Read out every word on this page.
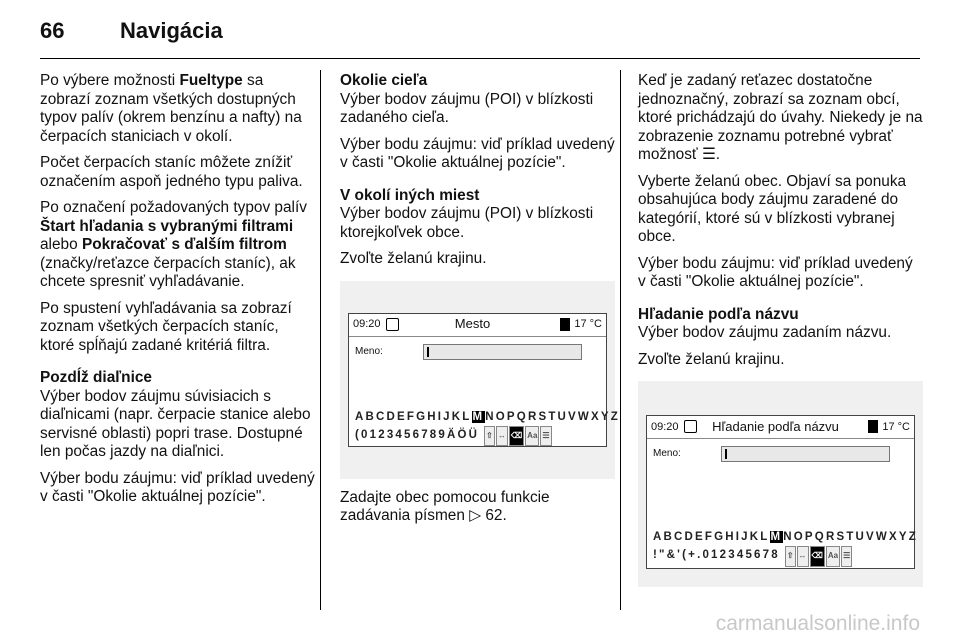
66	Navigácia

Po výbere možnosti Fueltype sa zobrazí zoznam všetkých dostupných typov palív (okrem benzínu a nafty) na čerpacích staniciach v okolí.

Počet čerpacích staníc môžete znížiť označením aspoň jedného typu paliva.

Po označení požadovaných typov palív Štart hľadania s vybranými filtrami alebo Pokračovať s ďalším filtrom (značky/reťazce čerpacích staníc), ak chcete spresniť vyhľadávanie.

Po spustení vyhľadávania sa zobrazí zoznam všetkých čerpacích staníc, ktoré spĺňajú zadané kritériá filtra.

Pozdĺž diaľnice

Výber bodov záujmu súvisiacich s diaľnicami (napr. čerpacie stanice alebo servisné oblasti) popri trase. Dostupné len počas jazdy na diaľnici.

Výber bodu záujmu: viď príklad uvedený v časti "Okolie aktuálnej pozície".

Okolie cieľa

Výber bodov záujmu (POI) v blízkosti zadaného cieľa.

Výber bodu záujmu: viď príklad uvedený v časti "Okolie aktuálnej pozície".

V okolí iných miest

Výber bodov záujmu (POI) v blízkosti ktorejkoľvek obce.

Zvoľte želanú krajinu.

09:20	Mesto	17 °C
Meno:
ABCDEFGHIJKLMNOPQRSTUVWXYZ
(0123456789ÄÖÜ ⇧ ↔ ⌫ Aa ☰

Zadajte obec pomocou funkcie zadávania písmen ▷ 62.

Keď je zadaný reťazec dostatočne jednoznačný, zobrazí sa zoznam obcí, ktoré prichádzajú do úvahy. Niekedy je na zobrazenie zoznamu potrebné vybrať možnosť ☰.

Vyberte želanú obec. Objaví sa ponuka obsahujúca body záujmu zaradené do kategórií, ktoré sú v blízkosti vybranej obce.

Výber bodu záujmu: viď príklad uvedený v časti "Okolie aktuálnej pozície".

Hľadanie podľa názvu

Výber bodov záujmu zadaním názvu.

Zvoľte želanú krajinu.

09:20	Hľadanie podľa názvu	17 °C
Meno:
ABCDEFGHIJKLMNOPQRSTUVWXYZ
!"&'(+.012345678 ⇧ ↔ ⌫ Aa ☰
carmanualsonline.info
